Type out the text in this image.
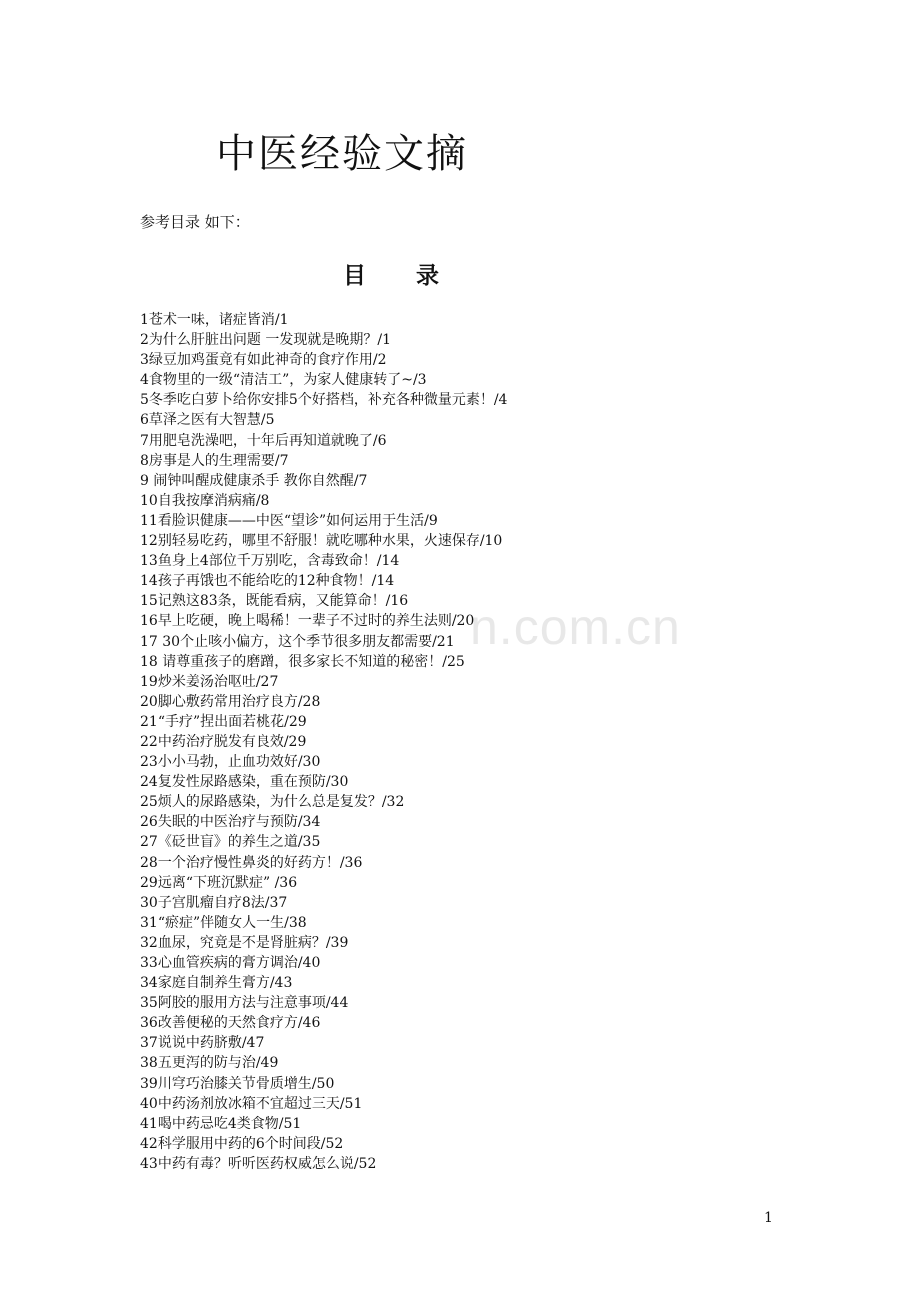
中医经验文摘
参考目录 如下：
目 录
1苍术一味，诸症皆消/1
2为什么肝脏出问题 一发现就是晚期？/1
3绿豆加鸡蛋竟有如此神奇的食疗作用/2
4食物里的一级“清洁工”，为家人健康转了~/3
5冬季吃白萝卜给你安排5个好搭档，补充各种微量元素！/4
6草泽之医有大智慧/5
7用肥皂洗澡吧，十年后再知道就晚了/6
8房事是人的生理需要/7
9 闹钟叫醒成健康杀手 教你自然醒/7
10自我按摩消病痛/8
11看脸识健康——中医“望诊”如何运用于生活/9
12别轻易吃药，哪里不舒服！就吃哪种水果，火速保存/10
13鱼身上4部位千万别吃，含毒致命！/14
14孩子再饿也不能给吃的12种食物！/14
15记熟这83条，既能看病，又能算命！/16
16早上吃硬，晚上喝稀！一辈子不过时的养生法则/20
17 30个止咳小偏方，这个季节很多朋友都需要/21
18 请尊重孩子的磨蹭，很多家长不知道的秘密！/25
19炒米姜汤治呕吐/27
20脚心敷药常用治疗良方/28
21“手疗”捏出面若桃花/29
22中药治疗脱发有良效/29
23小小马勃，止血功效好/30
24复发性尿路感染，重在预防/30
25烦人的尿路感染，为什么总是复发？/32
26失眠的中医治疗与预防/34
27《砭世盲》的养生之道/35
28一个治疗慢性鼻炎的好药方！/36
29远离“下班沉默症” /36
30子宫肌瘤自疗8法/37
31“瘀症”伴随女人一生/38
32血尿，究竟是不是肾脏病？/39
33心血管疾病的膏方调治/40
34家庭自制养生膏方/43
35阿胶的服用方法与注意事项/44
36改善便秘的天然食疗方/46
37说说中药脐敷/47
38五更泻的防与治/49
39川穹巧治膝关节骨质增生/50
40中药汤剂放冰箱不宜超过三天/51
41喝中药忌吃4类食物/51
42科学服用中药的6个时间段/52
43中药有毒？听听医药权威怎么说/52
n.com.cn
1
